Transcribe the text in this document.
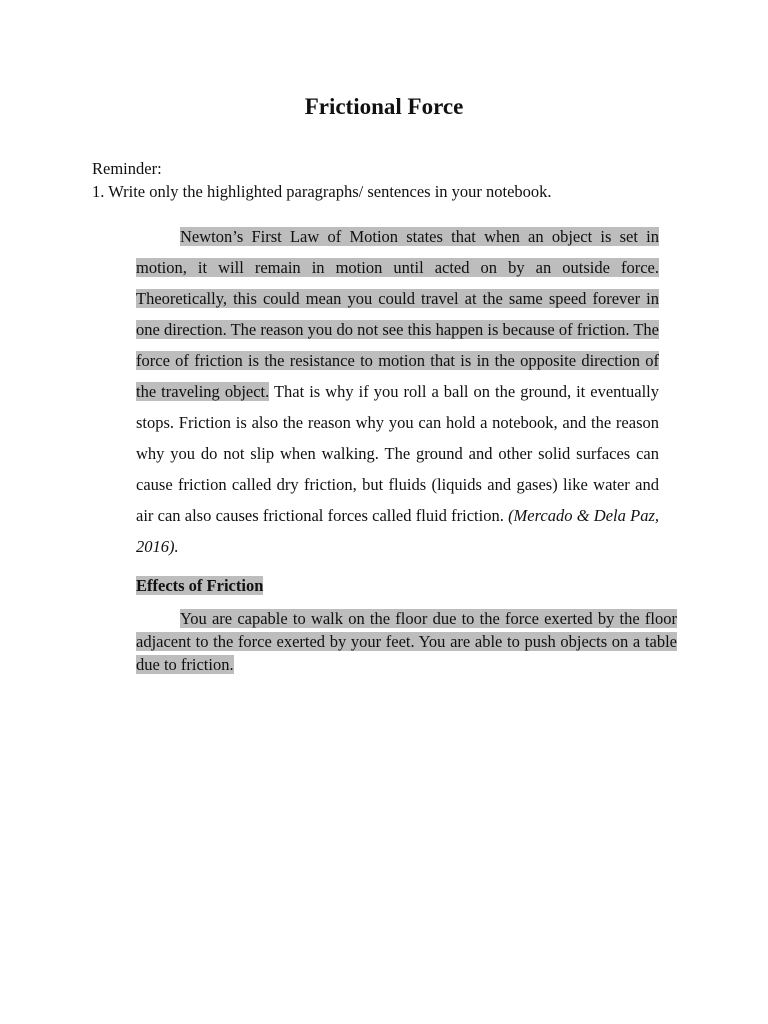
Frictional Force
Reminder:
1. Write only the highlighted paragraphs/ sentences in your notebook.

Newton’s First Law of Motion states that when an object is set in motion, it will remain in motion until acted on by an outside force. Theoretically, this could mean you could travel at the same speed forever in one direction. The reason you do not see this happen is because of friction. The force of friction is the resistance to motion that is in the opposite direction of the traveling object. That is why if you roll a ball on the ground, it eventually stops. Friction is also the reason why you can hold a notebook, and the reason why you do not slip when walking. The ground and other solid surfaces can cause friction called dry friction, but fluids (liquids and gases) like water and air can also causes frictional forces called fluid friction. (Mercado & Dela Paz, 2016).

Effects of Friction

You are capable to walk on the floor due to the force exerted by the floor adjacent to the force exerted by your feet. You are able to push objects on a table due to friction.
